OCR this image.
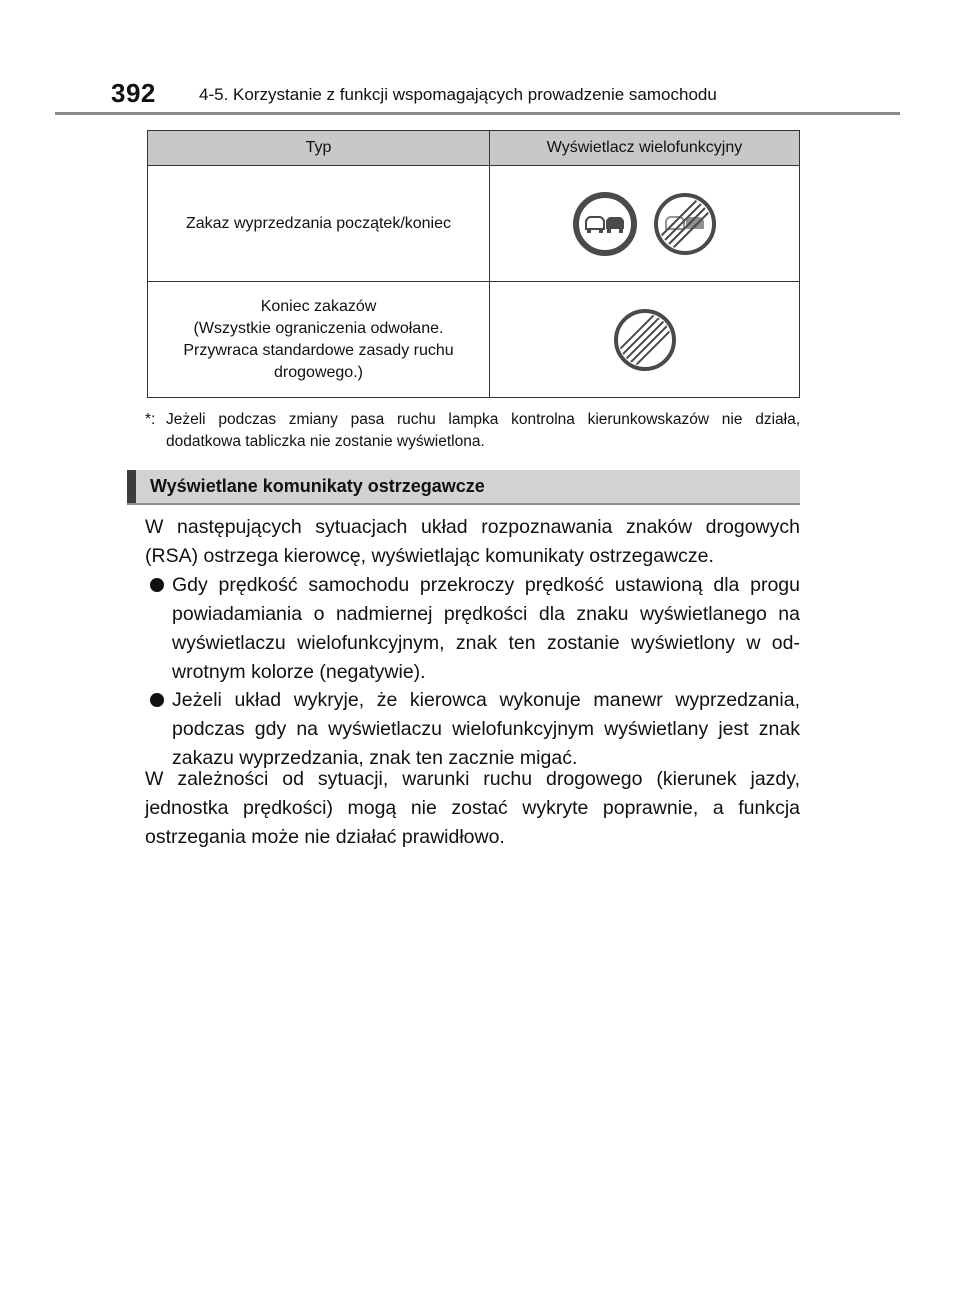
392	4-5. Korzystanie z funkcji wspomagających prowadzenie samochodu
Typ	Wyświetlacz wielofunkcyjny
Zakaz wyprzedzania początek/koniec	

Koniec zakazów
(Wszystkie ograniczenia odwołane.
Przywraca standardowe zasady ruchu
drogowego.)

*: Jeżeli podczas zmiany pasa ruchu lampka kontrolna kierunkowskazów nie działa, dodatkowa tabliczka nie zostanie wyświetlona.
Wyświetlane komunikaty ostrzegawcze
W następujących sytuacjach układ rozpoznawania znaków drogowych (RSA) ostrzega kierowcę, wyświetlając komunikaty ostrzegawcze.
Gdy prędkość samochodu przekroczy prędkość ustawioną dla progu powiadamiania o nadmiernej prędkości dla znaku wyświetlanego na wyświetlaczu wielofunkcyjnym, znak ten zostanie wyświetlony w od-wrotnym kolorze (negatywie).
Jeżeli układ wykryje, że kierowca wykonuje manewr wyprzedzania, podczas gdy na wyświetlaczu wielofunkcyjnym wyświetlany jest znak zakazu wyprzedzania, znak ten zacznie migać.
W zależności od sytuacji, warunki ruchu drogowego (kierunek jazdy, jednostka prędkości) mogą nie zostać wykryte poprawnie, a funkcja ostrzegania może nie działać prawidłowo.
